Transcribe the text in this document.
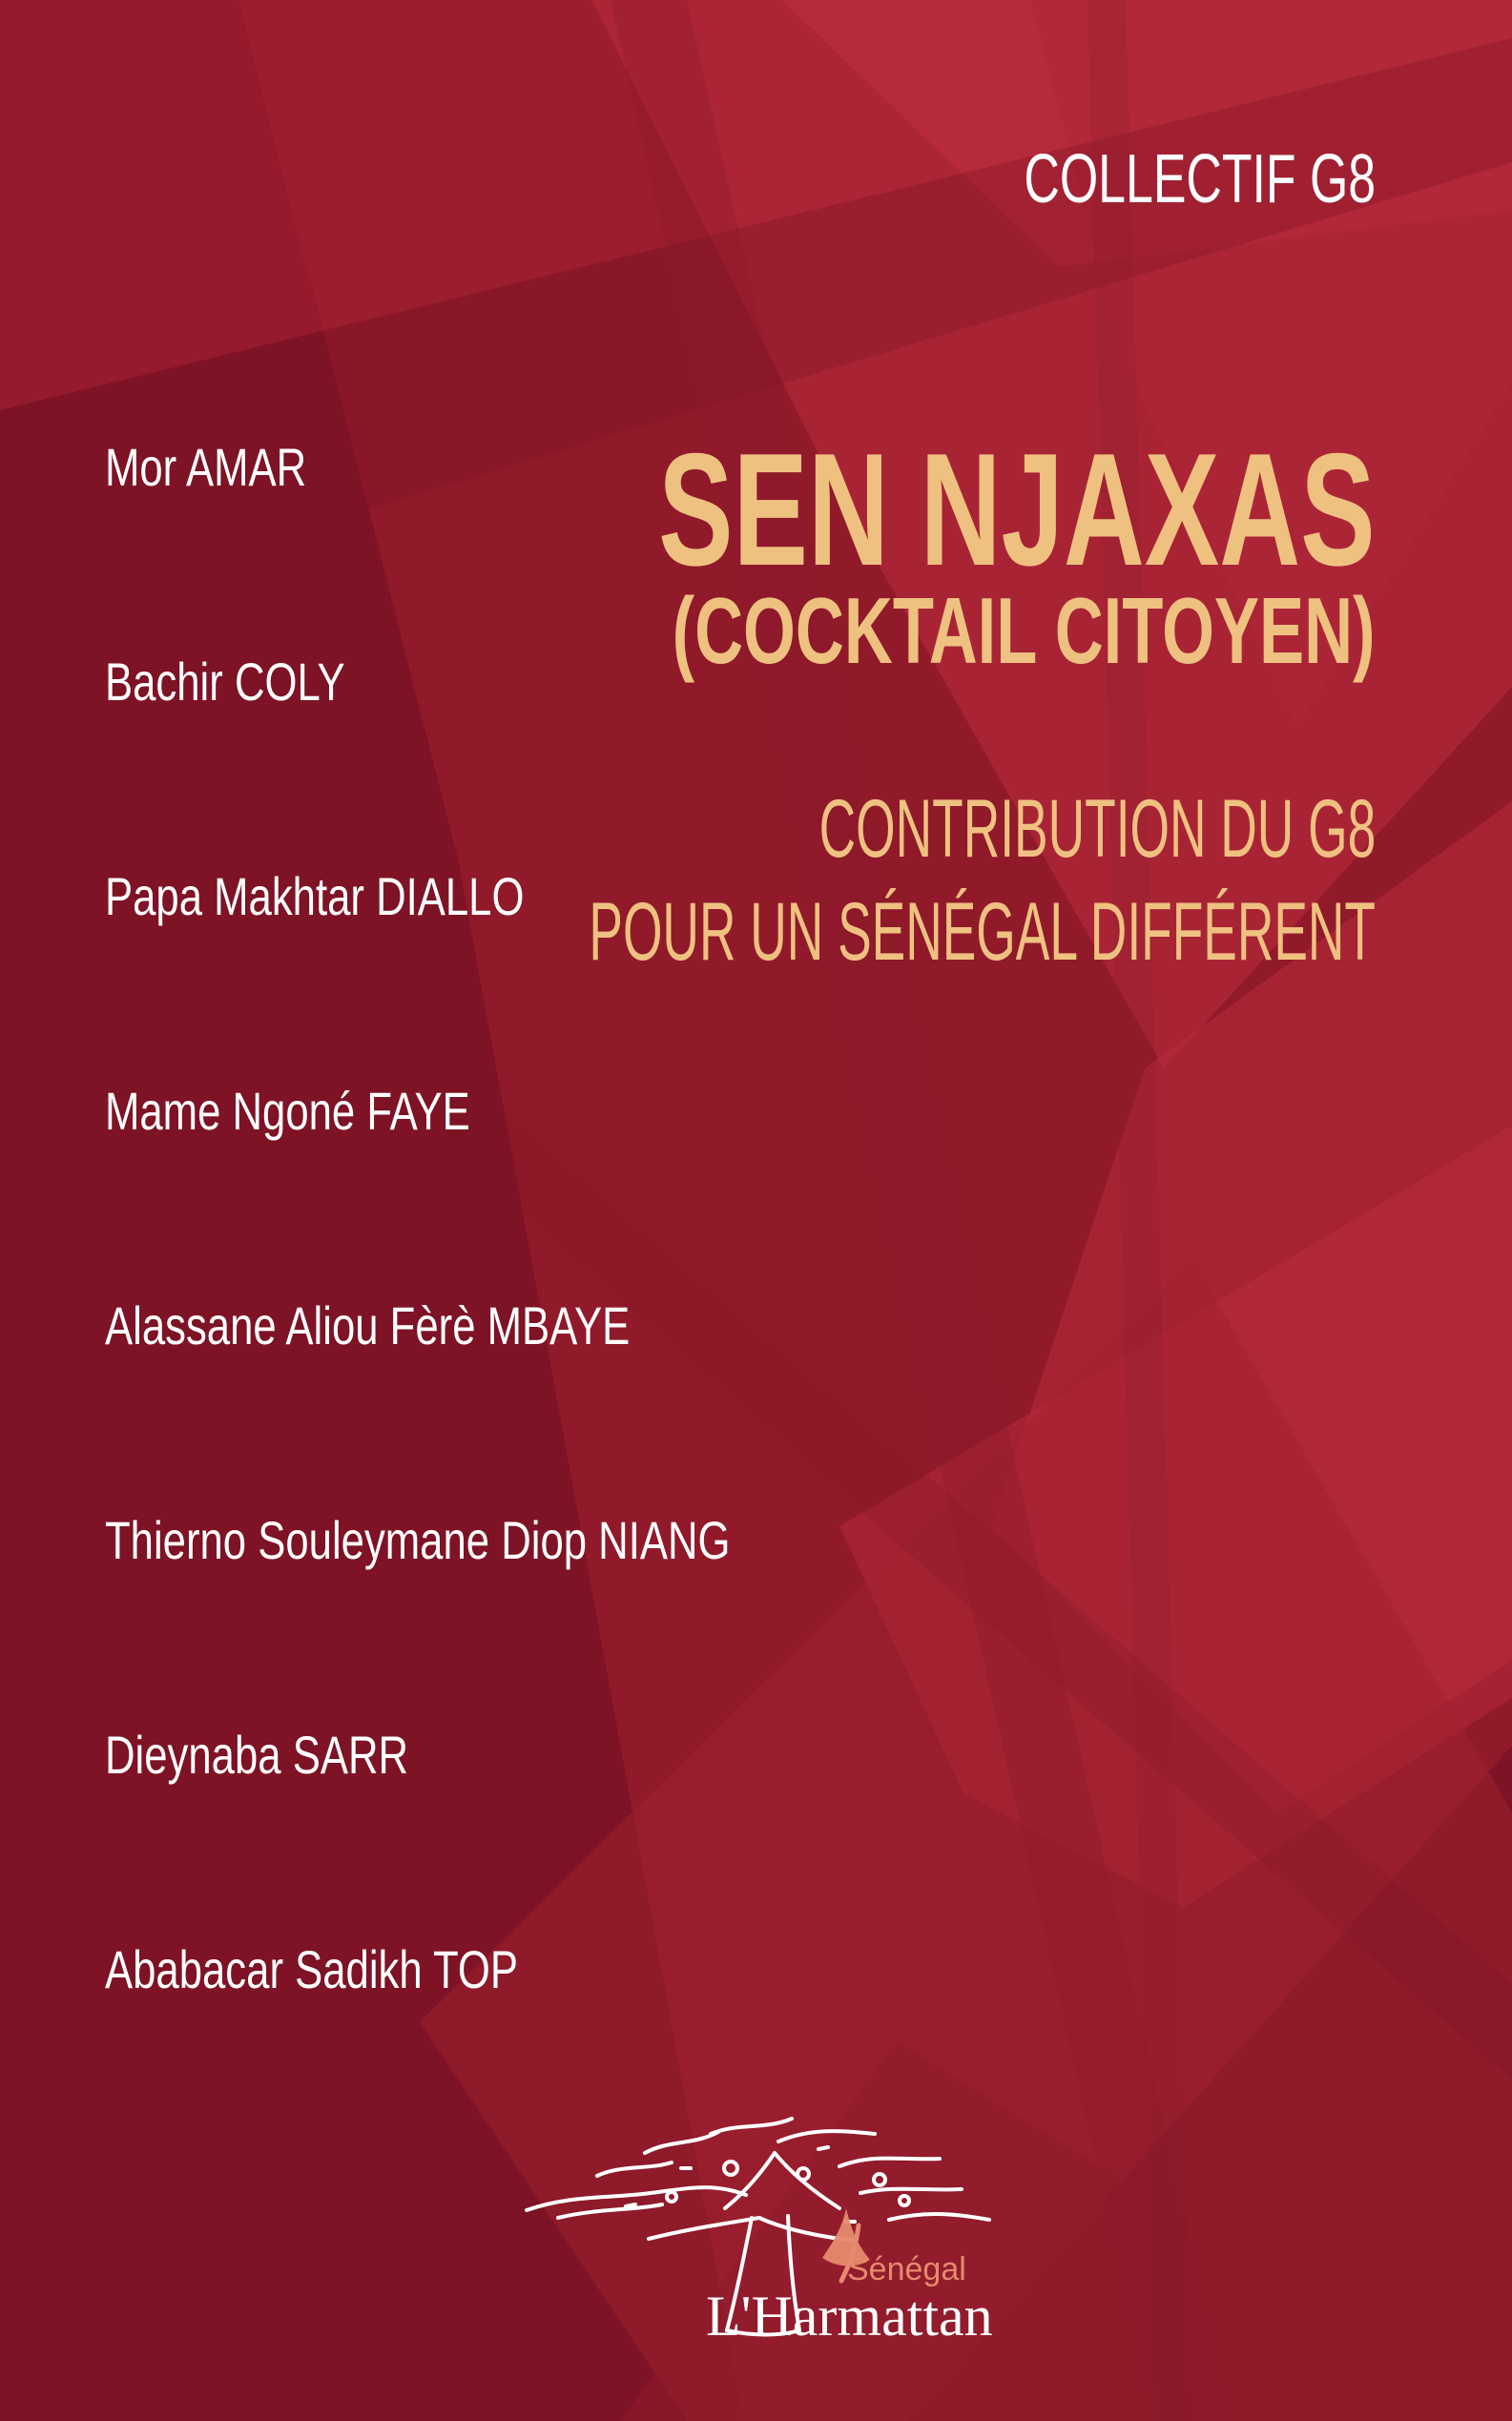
COLLECTIF G8
SEN NJAXAS
(COCKTAIL CITOYEN)
CONTRIBUTION DU G8
POUR UN SÉNÉGAL DIFFÉRENT
Mor AMAR
Bachir COLY
Papa Makhtar DIALLO
Mame Ngoné FAYE
Alassane Aliou Fèrè MBAYE
Thierno Souleymane Diop NIANG
Dieynaba SARR
Ababacar Sadikh TOP
Sénégal
L'Harmattan
